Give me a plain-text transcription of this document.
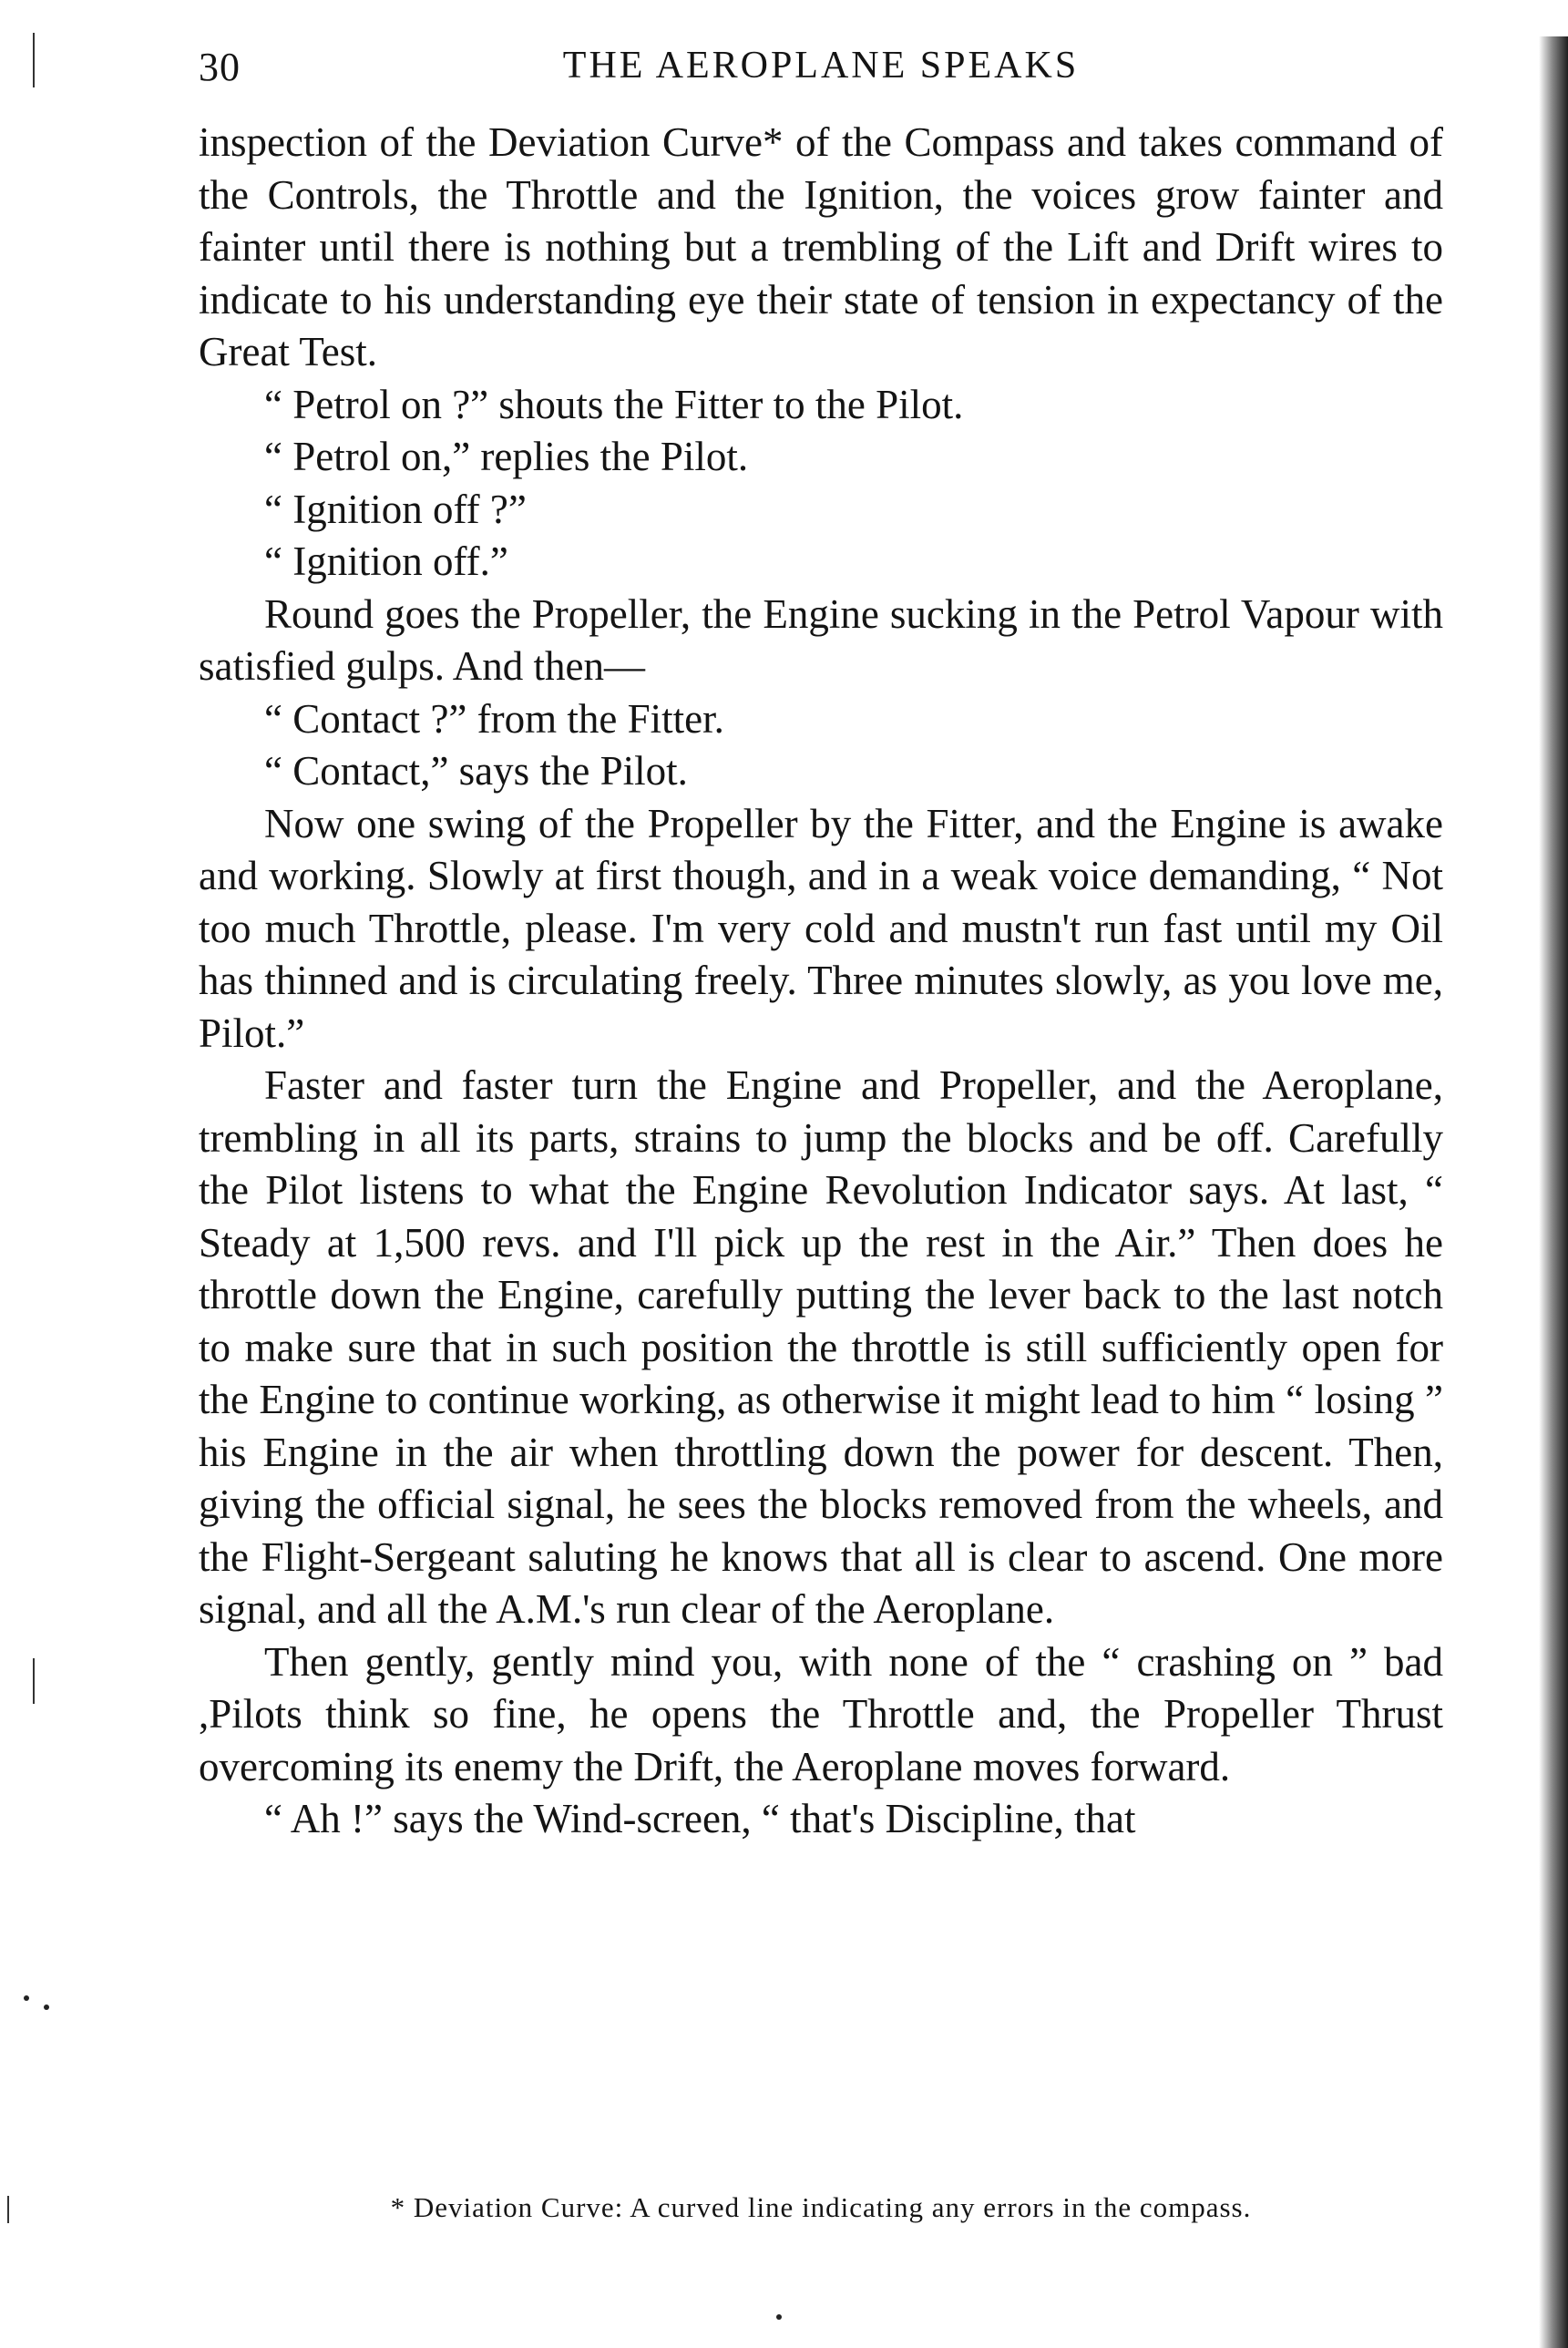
30	THE AEROPLANE SPEAKS

inspection of the Deviation Curve* of the Compass and takes command of the Controls, the Throttle and the Ignition, the voices grow fainter and fainter until there is nothing but a trembling of the Lift and Drift wires to indicate to his understanding eye their state of tension in expectancy of the Great Test.

“ Petrol on ?” shouts the Fitter to the Pilot.

“ Petrol on,” replies the Pilot.

“ Ignition off ?”

“ Ignition off.”

Round goes the Propeller, the Engine sucking in the Petrol Vapour with satisfied gulps. And then—

“ Contact ?” from the Fitter.

“ Contact,” says the Pilot.

Now one swing of the Propeller by the Fitter, and the Engine is awake and working. Slowly at first though, and in a weak voice demanding, “ Not too much Throttle, please. I'm very cold and mustn't run fast until my Oil has thinned and is circulating freely. Three minutes slowly, as you love me, Pilot.”

Faster and faster turn the Engine and Propeller, and the Aeroplane, trembling in all its parts, strains to jump the blocks and be off. Carefully the Pilot listens to what the Engine Revolution Indicator says. At last, “ Steady at 1,500 revs. and I'll pick up the rest in the Air.” Then does he throttle down the Engine, carefully putting the lever back to the last notch to make sure that in such position the throttle is still sufficiently open for the Engine to continue working, as otherwise it might lead to him “ losing ” his Engine in the air when throttling down the power for descent. Then, giving the official signal, he sees the blocks removed from the wheels, and the Flight-Sergeant saluting he knows that all is clear to ascend. One more signal, and all the A.M.'s run clear of the Aeroplane.

Then gently, gently mind you, with none of the “ crashing on ” bad ,Pilots think so fine, he opens the Throttle and, the Propeller Thrust overcoming its enemy the Drift, the Aeroplane moves forward.

“ Ah !” says the Wind-screen, “ that's Discipline, that

* Deviation Curve: A curved line indicating any errors in the compass.
